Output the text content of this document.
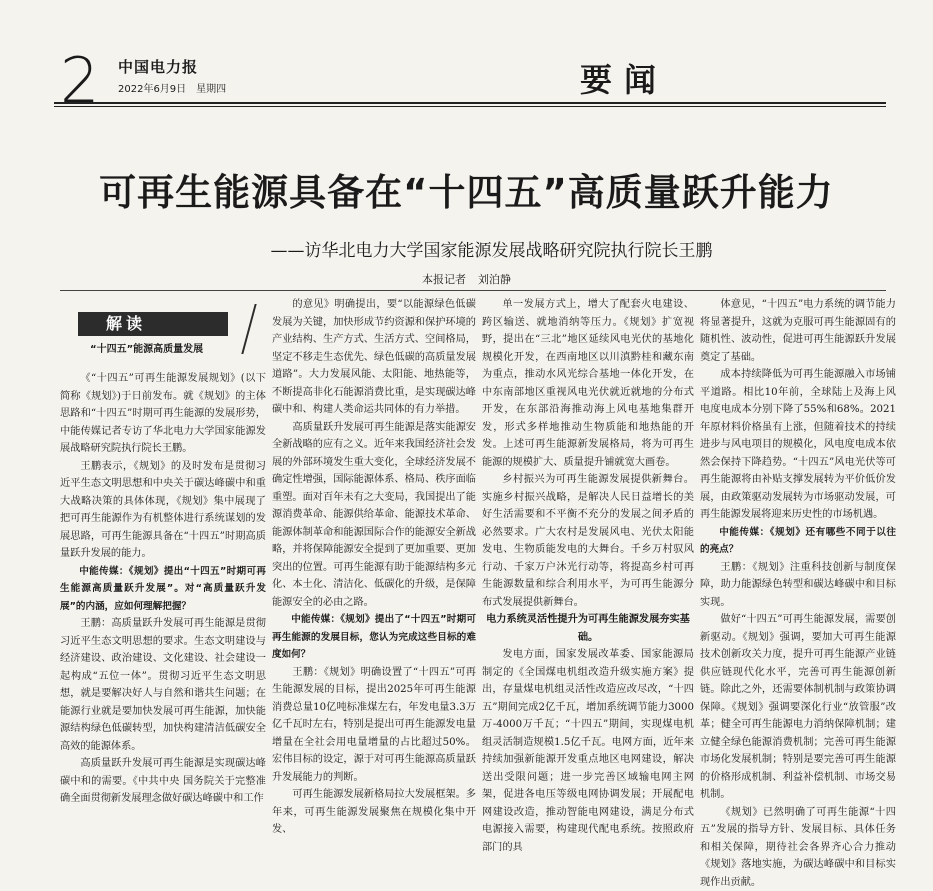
2 中国电力报
2022年6月9日　星期四	要闻
可再生能源具备在“十四五”高质量跃升能力
——访华北电力大学国家能源发展战略研究院执行院长王鹏
本报记者 刘泊静
解读
“十四五”能源高质量发展

《“十四五”可再生能源发展规划》(以下简称《规划》)于日前发布。就《规划》的主体思路和“十四五”时期可再生能源的发展形势，中能传媒记者专访了华北电力大学国家能源发展战略研究院执行院长王鹏。

王鹏表示，《规划》的及时发布是贯彻习近平生态文明思想和中央关于碳达峰碳中和重大战略决策的具体体现，《规划》集中展现了把可再生能源作为有机整体进行系统谋划的发展思路，可再生能源具备在“十四五”时期高质量跃升发展的能力。

中能传媒：《规划》提出“十四五”时期可再生能源高质量跃升发展”。对“高质量跃升发展”的内涵，应如何理解把握？

王鹏：高质量跃升发展可再生能源是贯彻习近平生态文明思想的要求。生态文明建设与经济建设、政治建设、文化建设、社会建设一起构成“五位一体”。贯彻习近平生态文明思想，就是要解决好人与自然和谐共生问题；在能源行业就是要加快发展可再生能源，加快能源结构绿色低碳转型，加快构建清洁低碳安全高效的能源体系。

高质量跃升发展可再生能源是实现碳达峰碳中和的需要。《中共中央 国务院关于完整准确全面贯彻新发展理念做好碳达峰碳中和工作

的意见》明确提出，要“以能源绿色低碳发展为关键，加快形成节约资源和保护环境的产业结构、生产方式、生活方式、空间格局，坚定不移走生态优先、绿色低碳的高质量发展道路”。大力发展风能、太阳能、地热能等，不断提高非化石能源消费比重，是实现碳达峰碳中和、构建人类命运共同体的有力举措。

高质量跃升发展可再生能源是落实能源安全新战略的应有之义。近年来我国经济社会发展的外部环境发生重大变化，全球经济发展不确定性增强，国际能源体系、格局、秩序面临重塑。面对百年未有之大变局，我国提出了能源消费革命、能源供给革命、能源技术革命、能源体制革命和能源国际合作的能源安全新战略，并将保障能源安全提到了更加重要、更加突出的位置。可再生能源有助于能源结构多元化、本土化、清洁化、低碳化的升级，是保障能源安全的必由之路。

中能传媒：《规划》提出了“十四五”时期可再生能源的发展目标，您认为完成这些目标的难度如何？

王鹏：《规划》明确设置了“十四五”可再生能源发展的目标，提出2025年可再生能源消费总量10亿吨标准煤左右，年发电量3.3万亿千瓦时左右，特别是提出可再生能源发电量增量在全社会用电量增量的占比超过50%。宏伟目标的设定，源于对可再生能源高质量跃升发展能力的判断。

可再生能源发展新格局拉大发展框架。多年来，可再生能源发展聚焦在规模化集中开发、

单一发展方式上，增大了配套火电建设、跨区输送、就地消纳等压力。《规划》扩宽视野，提出在“三北”地区延续风电光伏的基地化规模化开发，在西南地区以川滇黔桂和藏东南为重点，推动水风光综合基地一体化开发，在中东南部地区重视风电光伏就近就地的分布式开发，在东部沿海推动海上风电基地集群开发，形式多样地推动生物质能和地热能的开发。上述可再生能源新发展格局，将为可再生能源的规模扩大、质量提升铺就宽大画卷。

乡村振兴为可再生能源发展提供新舞台。实施乡村振兴战略，是解决人民日益增长的美好生活需要和不平衡不充分的发展之间矛盾的必然要求。广大农村是发展风电、光伏太阳能发电、生物质能发电的大舞台。千乡万村驭风行动、千家万户沐光行动等，将提高乡村可再生能源数量和综合利用水平，为可再生能源分布式发展提供新舞台。

电力系统灵活性提升为可再生能源发展夯实基础。

发电方面，国家发展改革委、国家能源局制定的《全国煤电机组改造升级实施方案》提出，存量煤电机组灵活性改造应改尽改，“十四五”期间完成2亿千瓦，增加系统调节能力3000万-4000万千瓦；“十四五”期间，实现煤电机组灵活制造规模1.5亿千瓦。电网方面，近年来持续加强新能源开发重点地区电网建设，解决送出受限问题；进一步完善区域输电网主网架，促进各电压等级电网协调发展；开展配电网建设改造，推动智能电网建设，满足分布式电源接入需要，构建现代配电系统。按照政府部门的具

体意见，“十四五”电力系统的调节能力将显著提升，这就为克服可再生能源固有的随机性、波动性，促进可再生能源跃升发展奠定了基础。

成本持续降低为可再生能源融入市场铺平道路。相比10年前，全球陆上及海上风电度电成本分别下降了55%和68%。2021年原材料价格虽有上涨，但随着技术的持续进步与风电项目的规模化，风电度电成本依然会保持下降趋势。“十四五”风电光伏等可再生能源将由补贴支撑发展转为平价低价发展，由政策驱动发展转为市场驱动发展，可再生能源发展将迎来历史性的市场机遇。

中能传媒：《规划》还有哪些不同于以往的亮点？

王鹏：《规划》注重科技创新与制度保障，助力能源绿色转型和碳达峰碳中和目标实现。

做好“十四五”可再生能源发展，需要创新驱动。《规划》强调，要加大可再生能源技术创新攻关力度，提升可再生能源产业链供应链现代化水平，完善可再生能源创新链。除此之外，还需要体制机制与政策协调保障。《规划》强调要深化行业“放管服”改革；健全可再生能源电力消纳保障机制；建立健全绿色能源消费机制；完善可再生能源市场化发展机制；特别是要完善可再生能源的价格形成机制、利益补偿机制、市场交易机制。

《规划》已然明确了可再生能源“十四五”发展的指导方针、发展目标、具体任务和相关保障，期待社会各界齐心合力推动《规划》落地实施，为碳达峰碳中和目标实现作出贡献。
